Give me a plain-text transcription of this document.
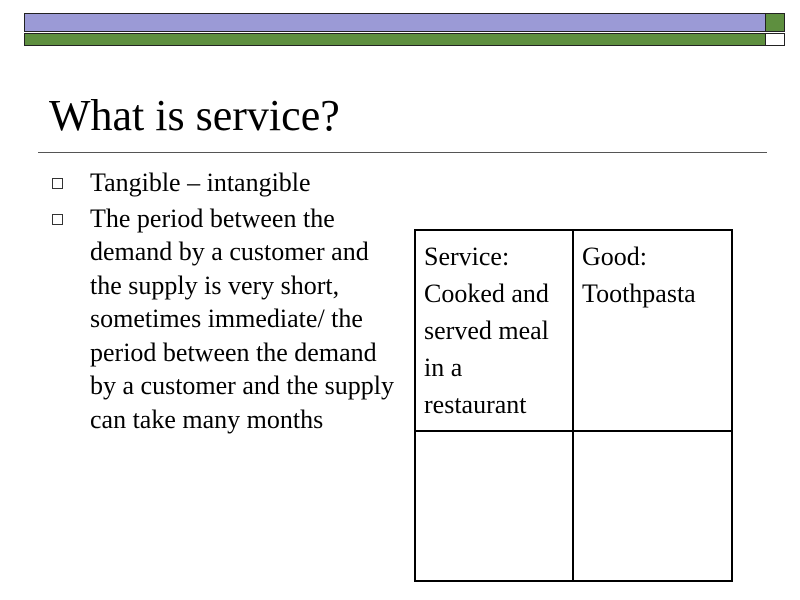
What is service?
Tangible – intangible
The period between the demand by a customer and the supply is very short, sometimes immediate/ the period between the demand by a customer and the supply can take many months
Service: Cooked and served meal in a restaurant	Good: Toothpasta
